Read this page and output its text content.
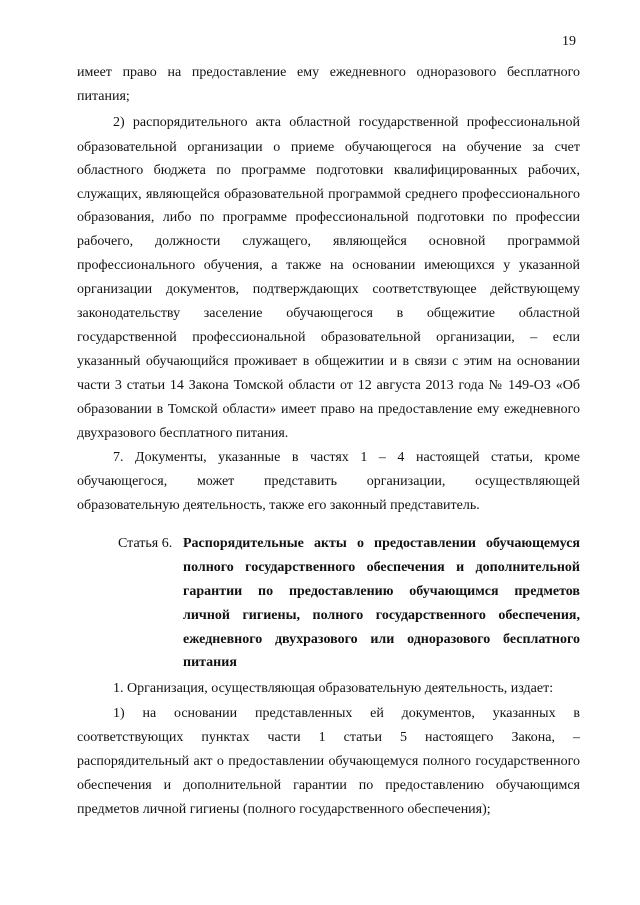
19
имеет право на предоставление ему ежедневного одноразового бесплатного
питания;
2) распорядительного акта областной государственной профессиональной
образовательной организации о приеме обучающегося на обучение за счет
областного бюджета по программе подготовки квалифицированных рабочих,
служащих, являющейся образовательной программой среднего профессионального
образования, либо по программе профессиональной подготовки по профессии
рабочего, должности служащего, являющейся основной программой
профессионального обучения, а также на основании имеющихся у указанной
организации документов, подтверждающих соответствующее действующему
законодательству заселение обучающегося в общежитие областной
государственной профессиональной образовательной организации, – если
указанный обучающийся проживает в общежитии и в связи с этим на основании
части 3 статьи 14 Закона Томской области от 12 августа 2013 года № 149-ОЗ «Об
образовании в Томской области» имеет право на предоставление ему ежедневного
двухразового бесплатного питания.
7. Документы, указанные в частях 1 – 4 настоящей статьи, кроме
обучающегося, может представить организации, осуществляющей
образовательную деятельность, также его законный представитель.
Статья 6. Распорядительные акты о предоставлении обучающемуся
полного государственного обеспечения и дополнительной
гарантии по предоставлению обучающимся предметов
личной гигиены, полного государственного обеспечения,
ежедневного двухразового или одноразового бесплатного
питания
1. Организация, осуществляющая образовательную деятельность, издает:
1) на основании представленных ей документов, указанных в
соответствующих пунктах части 1 статьи 5 настоящего Закона, –
распорядительный акт о предоставлении обучающемуся полного государственного
обеспечения и дополнительной гарантии по предоставлению обучающимся
предметов личной гигиены (полного государственного обеспечения);
